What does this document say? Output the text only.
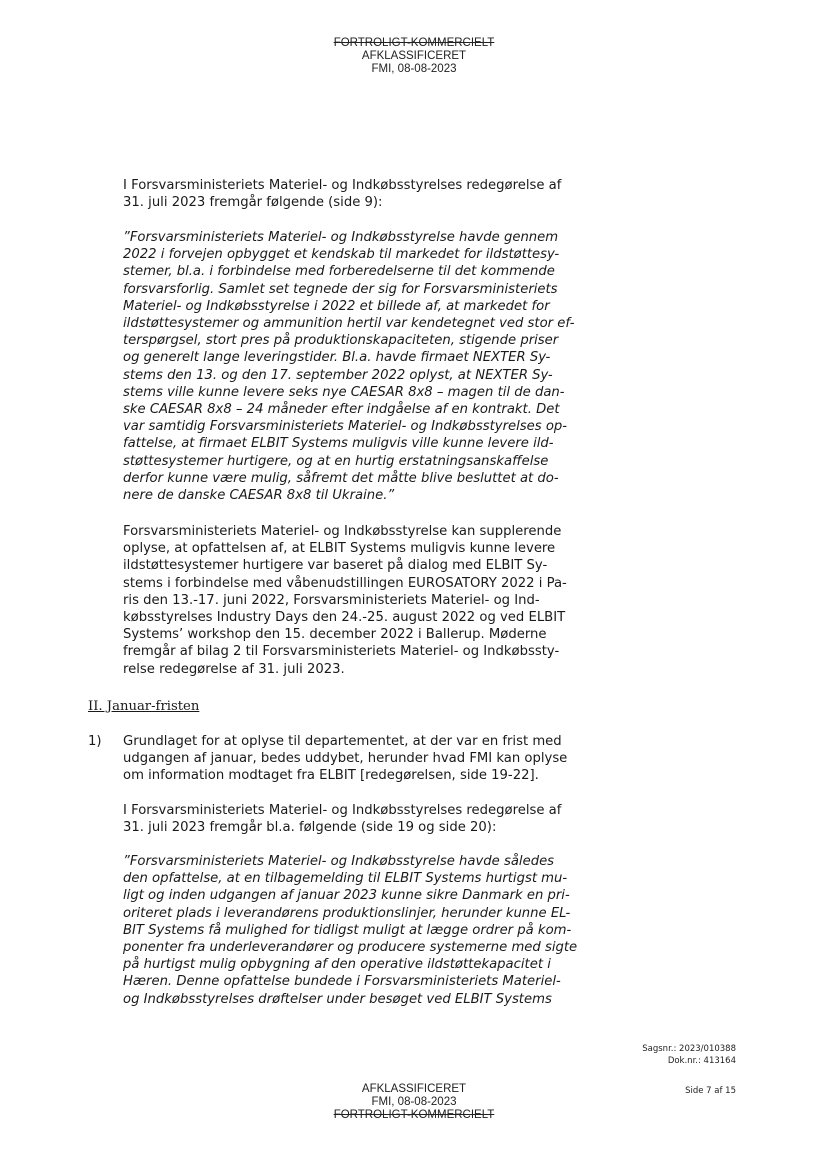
FORTROLIGT-KOMMERCIELT
AFKLASSIFICERET
FMI, 08-08-2023

I Forsvarsministeriets Materiel- og Indkøbsstyrelses redegørelse af
31. juli 2023 fremgår følgende (side 9):

”Forsvarsministeriets Materiel- og Indkøbsstyrelse havde gennem
2022 i forvejen opbygget et kendskab til markedet for ildstøttesy-
stemer, bl.a. i forbindelse med forberedelserne til det kommende
forsvarsforlig. Samlet set tegnede der sig for Forsvarsministeriets
Materiel- og Indkøbsstyrelse i 2022 et billede af, at markedet for
ildstøttesystemer og ammunition hertil var kendetegnet ved stor ef-
terspørgsel, stort pres på produktionskapaciteten, stigende priser
og generelt lange leveringstider. Bl.a. havde firmaet NEXTER Sy-
stems den 13. og den 17. september 2022 oplyst, at NEXTER Sy-
stems ville kunne levere seks nye CAESAR 8x8 – magen til de dan-
ske CAESAR 8x8 – 24 måneder efter indgåelse af en kontrakt. Det
var samtidig Forsvarsministeriets Materiel- og Indkøbsstyrelses op-
fattelse, at firmaet ELBIT Systems muligvis ville kunne levere ild-
støttesystemer hurtigere, og at en hurtig erstatningsanskaffelse
derfor kunne være mulig, såfremt det måtte blive besluttet at do-
nere de danske CAESAR 8x8 til Ukraine.”

Forsvarsministeriets Materiel- og Indkøbsstyrelse kan supplerende
oplyse, at opfattelsen af, at ELBIT Systems muligvis kunne levere
ildstøttesystemer hurtigere var baseret på dialog med ELBIT Sy-
stems i forbindelse med våbenudstillingen EUROSATORY 2022 i Pa-
ris den 13.-17. juni 2022, Forsvarsministeriets Materiel- og Ind-
købsstyrelses Industry Days den 24.-25. august 2022 og ved ELBIT
Systems’ workshop den 15. december 2022 i Ballerup. Møderne
fremgår af bilag 2 til Forsvarsministeriets Materiel- og Indkøbssty-
relse redegørelse af 31. juli 2023.

II. Januar-fristen

1) Grundlaget for at oplyse til departementet, at der var en frist med
udgangen af januar, bedes uddybet, herunder hvad FMI kan oplyse
om information modtaget fra ELBIT [redegørelsen, side 19-22].

I Forsvarsministeriets Materiel- og Indkøbsstyrelses redegørelse af
31. juli 2023 fremgår bl.a. følgende (side 19 og side 20):

”Forsvarsministeriets Materiel- og Indkøbsstyrelse havde således
den opfattelse, at en tilbagemelding til ELBIT Systems hurtigst mu-
ligt og inden udgangen af januar 2023 kunne sikre Danmark en pri-
oriteret plads i leverandørens produktionslinjer, herunder kunne EL-
BIT Systems få mulighed for tidligst muligt at lægge ordrer på kom-
ponenter fra underleverandører og producere systemerne med sigte
på hurtigst mulig opbygning af den operative ildstøttekapacitet i
Hæren. Denne opfattelse bundede i Forsvarsministeriets Materiel-
og Indkøbsstyrelses drøftelser under besøget ved ELBIT Systems

Sagsnr.: 2023/010388
Dok.nr.: 413164
Side 7 af 15
AFKLASSIFICERET
FMI, 08-08-2023
FORTROLIGT-KOMMERCIELT
